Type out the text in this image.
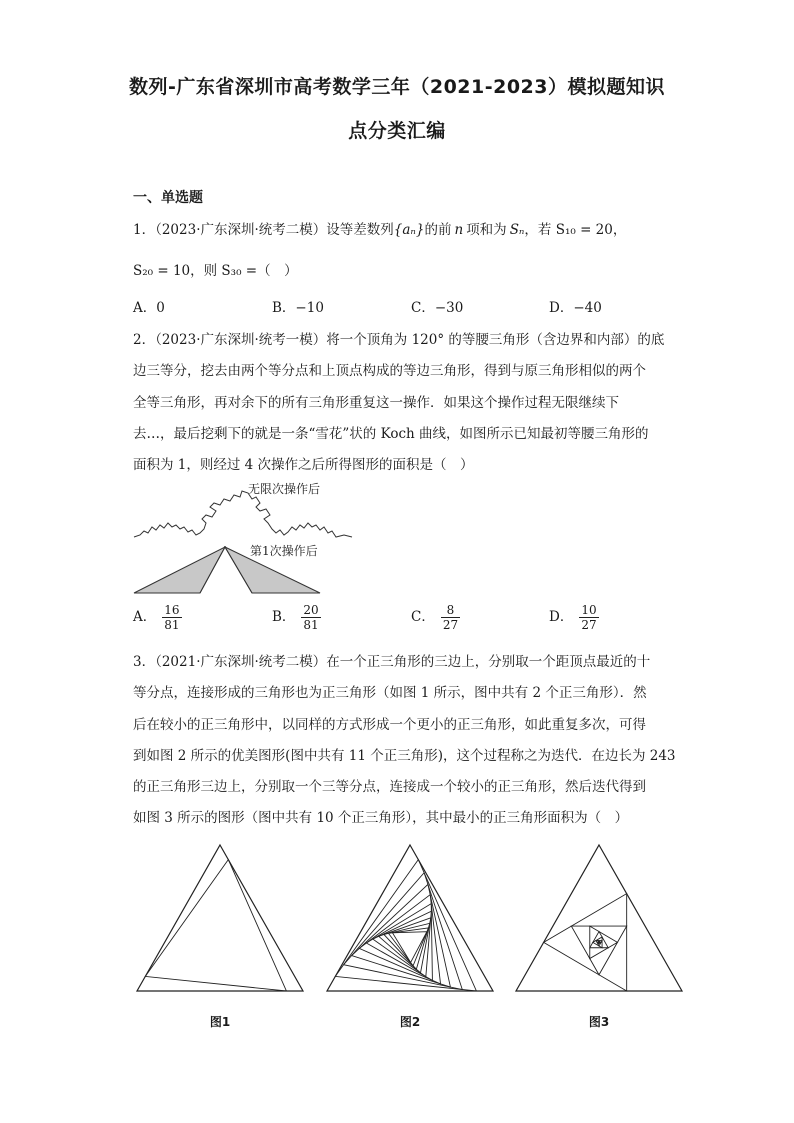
数列-广东省深圳市高考数学三年（2021-2023）模拟题知识
点分类汇编
一、单选题
1．（2023·广东深圳·统考二模）设等差数列{aₙ}的前 n 项和为 Sₙ，若 S₁₀ = 20，
S₂₀ = 10，则 S₃₀ =（　）
A．0	B．−10	C．−30	D．−40
2．（2023·广东深圳·统考一模）将一个顶角为 120° 的等腰三角形（含边界和内部）的底
边三等分，挖去由两个等分点和上顶点构成的等边三角形，得到与原三角形相似的两个
全等三角形，再对余下的所有三角形重复这一操作．如果这个操作过程无限继续下
去…，最后挖剩下的就是一条“雪花”状的 Koch 曲线，如图所示已知最初等腰三角形的
面积为 1，则经过 4 次操作之后所得图形的面积是（　）
无限次操作后
第1次操作后
A． $\frac{16}{81}$	B． $\frac{20}{81}$	C． $\frac{8}{27}$	D． $\frac{10}{27}$
3．（2021·广东深圳·统考二模）在一个正三角形的三边上，分别取一个距顶点最近的十
等分点，连接形成的三角形也为正三角形（如图 1 所示，图中共有 2 个正三角形）．然
后在较小的正三角形中，以同样的方式形成一个更小的正三角形，如此重复多次，可得
到如图 2 所示的优美图形(图中共有 11 个正三角形)，这个过程称之为迭代．在边长为 243
的正三角形三边上，分别取一个三等分点，连接成一个较小的正三角形，然后迭代得到
如图 3 所示的图形（图中共有 10 个正三角形），其中最小的正三角形面积为（　）
图1	图2	图3
